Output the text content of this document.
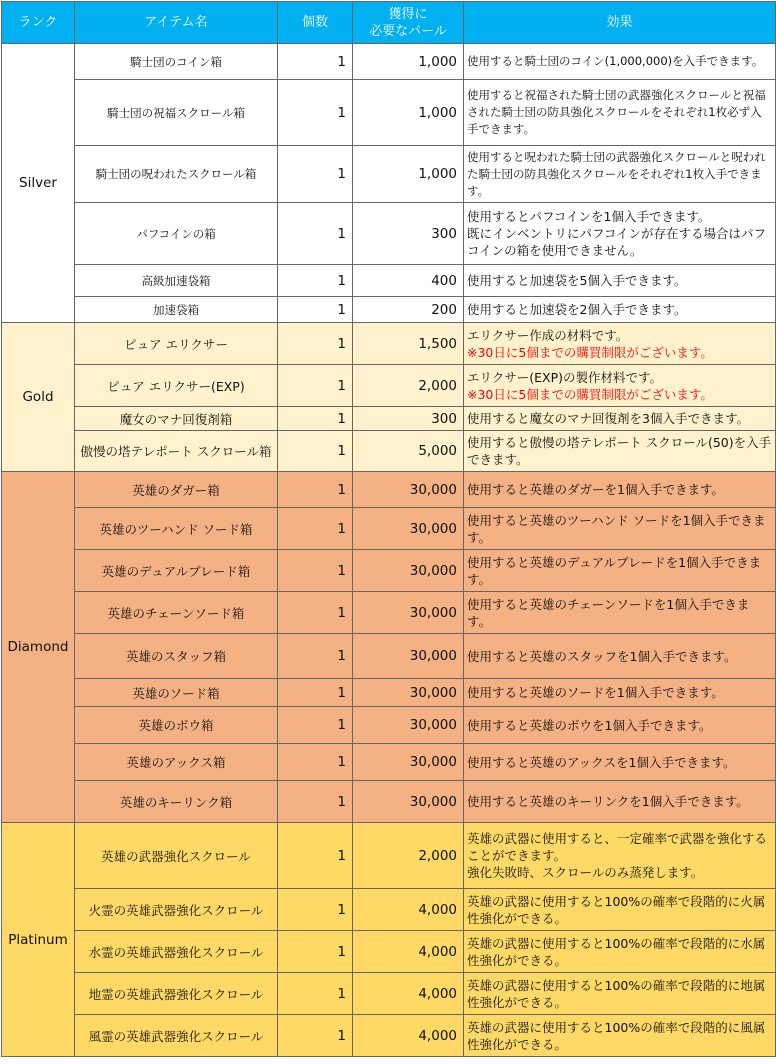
ランク	アイテム名	個数	獲得に
必要なパール	効果
Silver	騎士団のコイン箱	1	1,000	使用すると騎士団のコイン(1,000,000)を入手できます。
	騎士団の祝福スクロール箱	1	1,000	使用すると祝福された騎士団の武器強化スクロールと祝福された騎士団の防具強化スクロールをそれぞれ1枚必ず入手できます。
	騎士団の呪われたスクロール箱	1	1,000	使用すると呪われた騎士団の武器強化スクロールと呪われた騎士団の防具強化スクロールをそれぞれ1枚入手できます。
	パフコインの箱	1	300	使用するとパフコインを1個入手できます。
既にインベントリにパフコインが存在する場合はパフコインの箱を使用できません。
	高級加速袋箱	1	400	使用すると加速袋を5個入手できます。
	加速袋箱	1	200	使用すると加速袋を2個入手できます。
Gold	ピュア エリクサー	1	1,500	エリクサー作成の材料です。
※30日に5個までの購買制限がございます。
	ピュア エリクサー(EXP)	1	2,000	エリクサー(EXP)の製作材料です。
※30日に5個までの購買制限がございます。
	魔女のマナ回復剤箱	1	300	使用すると魔女のマナ回復剤を3個入手できます。
	傲慢の塔テレポート スクロール箱	1	5,000	使用すると傲慢の塔テレポート スクロール(50)を入手できます。
Diamond	英雄のダガー箱	1	30,000	使用すると英雄のダガーを1個入手できます。
	英雄のツーハンド ソード箱	1	30,000	使用すると英雄のツーハンド ソードを1個入手できます。
	英雄のデュアルブレード箱	1	30,000	使用すると英雄のデュアルブレードを1個入手できます。
	英雄のチェーンソード箱	1	30,000	使用すると英雄のチェーンソードを1個入手できます。
	英雄のスタッフ箱	1	30,000	使用すると英雄のスタッフを1個入手できます。
	英雄のソード箱	1	30,000	使用すると英雄のソードを1個入手できます。
	英雄のボウ箱	1	30,000	使用すると英雄のボウを1個入手できます。
	英雄のアックス箱	1	30,000	使用すると英雄のアックスを1個入手できます。
	英雄のキーリンク箱	1	30,000	使用すると英雄のキーリンクを1個入手できます。
Platinum	英雄の武器強化スクロール	1	2,000	英雄の武器に使用すると、一定確率で武器を強化することができます。
強化失敗時、スクロールのみ蒸発します。
	火霊の英雄武器強化スクロール	1	4,000	英雄の武器に使用すると100%の確率で段階的に火属性強化ができる。
	水霊の英雄武器強化スクロール	1	4,000	英雄の武器に使用すると100%の確率で段階的に水属性強化ができる。
	地霊の英雄武器強化スクロール	1	4,000	英雄の武器に使用すると100%の確率で段階的に地属性強化ができる。
	風霊の英雄武器強化スクロール	1	4,000	英雄の武器に使用すると100%の確率で段階的に風属性強化ができる。
